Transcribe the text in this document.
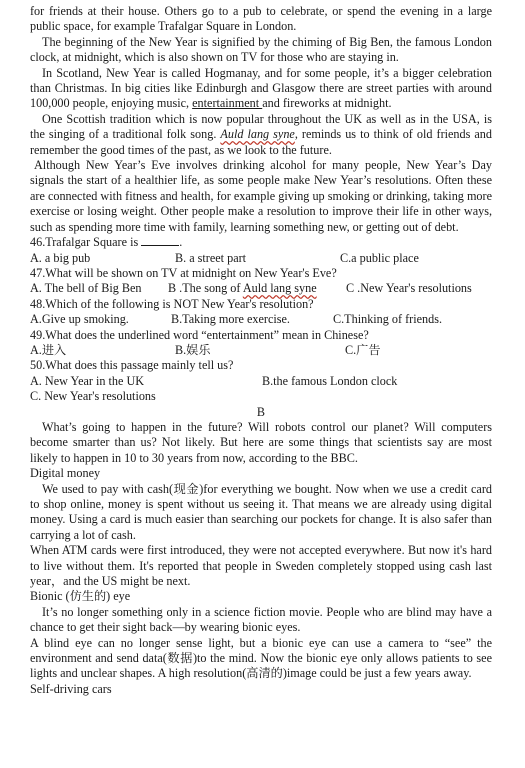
for friends at their house. Others go to a pub to celebrate, or spend the evening in a large public space, for example Trafalgar Square in London.

The beginning of the New Year is signified by the chiming of Big Ben, the famous London clock, at midnight, which is also shown on TV for those who are staying in.

In Scotland, New Year is called Hogmanay, and for some people, it’s a bigger celebration than Christmas. In big cities like Edinburgh and Glasgow there are street parties with around 100,000 people, enjoying music, entertainment and fireworks at midnight.

One Scottish tradition which is now popular throughout the UK as well as in the USA, is the singing of a traditional folk song. Auld lang syne, reminds us to think of old friends and remember the good times of the past, as we look to the future.

Although New Year’s Eve involves drinking alcohol for many people, New Year’s Day signals the start of a healthier life, as some people make New Year’s resolutions. Often these are connected with fitness and health, for example giving up smoking or drinking, taking more exercise or losing weight. Other people make a resolution to improve their life in other ways, such as spending more time with family, learning something new, or getting out of debt.

46.Trafalgar Square is	.

A. a big pub	B. a street part	C.a public place

47.What will be shown on TV at midnight on New Year's Eve?

A. The bell of Big Ben	B .The song of Auld lang syne	C .New Year's resolutions

48.Which of the following is NOT New Year's resolution?

A.Give up smoking.	B.Taking more exercise.	C.Thinking of friends.

49.What does the underlined word “entertainment” mean in Chinese?

A.进入	B.娱乐	C.广告

50.What does this passage mainly tell us?

A. New Year in the UK	B.the famous London clock

C. New Year's resolutions

B

What’s going to happen in the future? Will robots control our planet? Will computers become smarter than us? Not likely. But here are some things that scientists say are most likely to happen in 10 to 30 years from now, according to the BBC.

Digital money

We used to pay with cash(现金)for everything we bought. Now when we use a credit card to shop online, money is spent without us seeing it. That means we are already using digital money. Using a card is much easier than searching our pockets for change. It is also safer than carrying a lot of cash.

When ATM cards were first introduced, they were not accepted everywhere. But now it's hard to live without them. It's reported that people in Sweden completely stopped using cash last year，and the US might be next.

Bionic (仿生的) eye

It’s no longer something only in a science fiction movie. People who are blind may have a chance to get their sight back—by wearing bionic eyes.

A blind eye can no longer sense light, but a bionic eye can use a camera to “see” the environment and send data(数据)to the mind. Now the bionic eye only allows patients to see lights and unclear shapes. A high resolution(高清的)image could be just a few years away.

Self-driving cars
